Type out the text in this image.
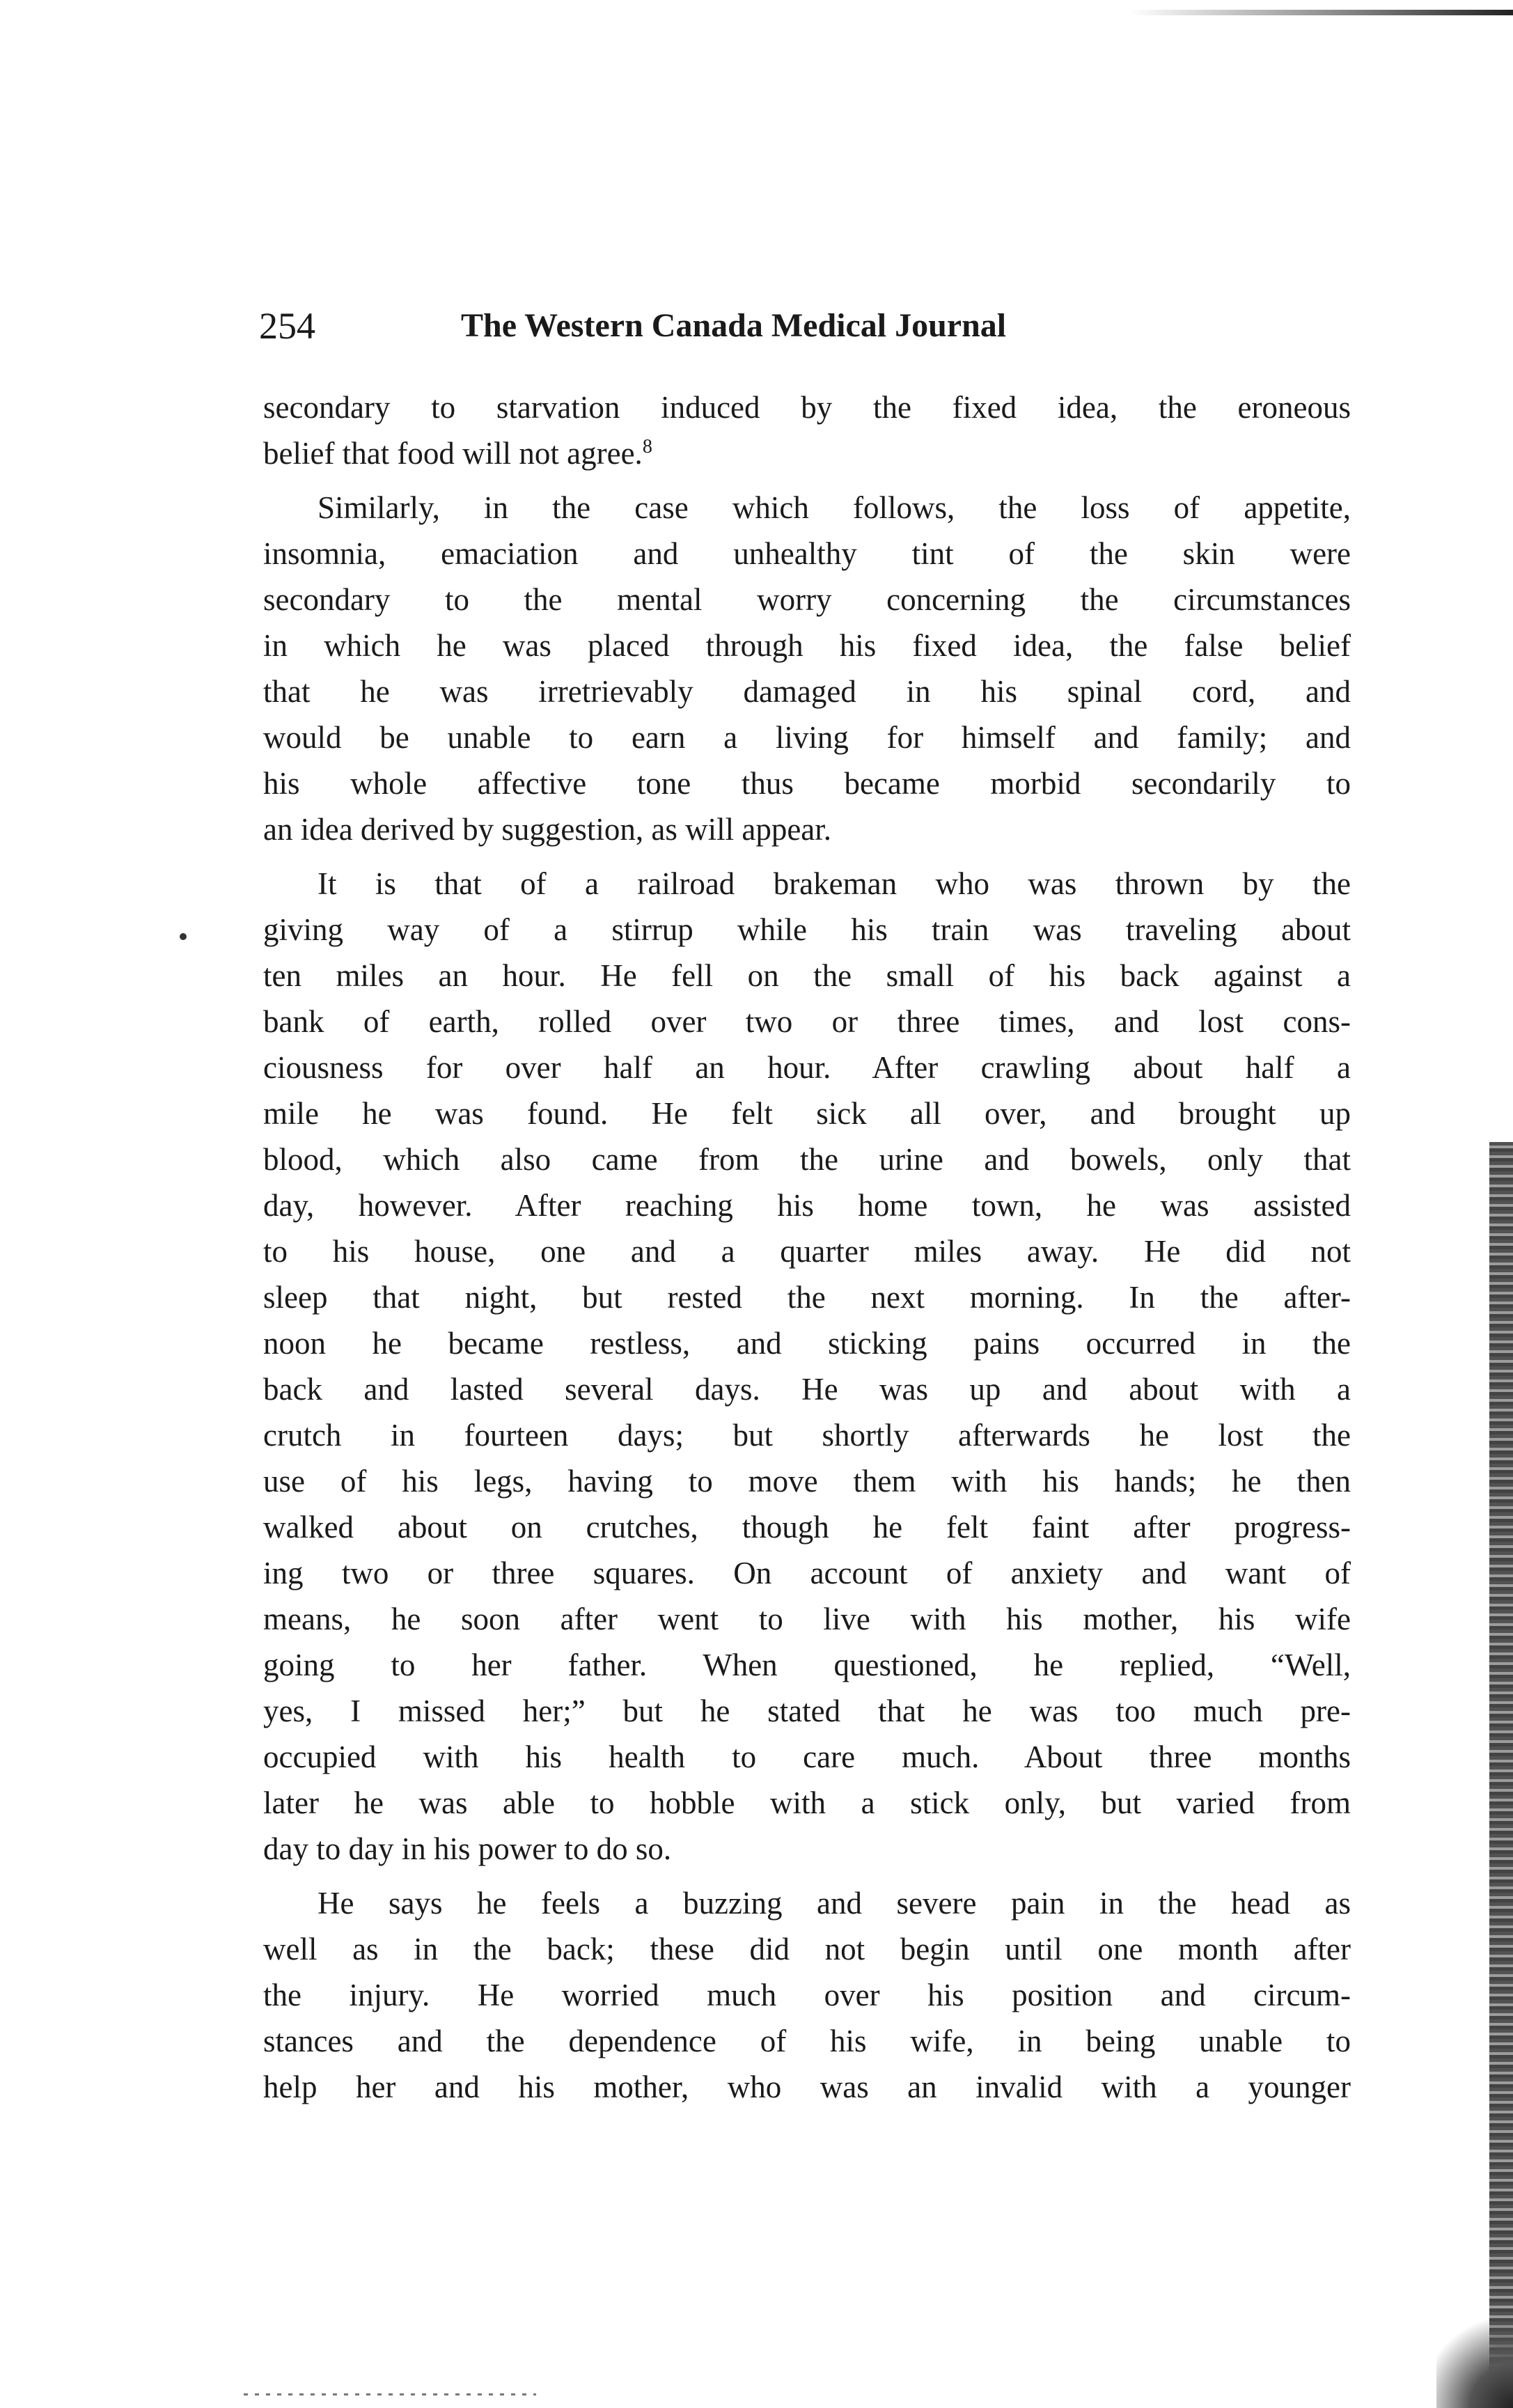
254	The Western Canada Medical Journal

secondary to starvation induced by the fixed idea, the eroneous
belief that food will not agree.$^8$

Similarly, in the case which follows, the loss of appetite,
insomnia, emaciation and unhealthy tint of the skin were
secondary to the mental worry concerning the circumstances
in which he was placed through his fixed idea, the false belief
that he was irretrievably damaged in his spinal cord, and
would be unable to earn a living for himself and family; and
his whole affective tone thus became morbid secondarily to
an idea derived by suggestion, as will appear.

It is that of a railroad brakeman who was thrown by the
giving way of a stirrup while his train was traveling about
ten miles an hour. He fell on the small of his back against a
bank of earth, rolled over two or three times, and lost cons-
ciousness for over half an hour. After crawling about half a
mile he was found. He felt sick all over, and brought up
blood, which also came from the urine and bowels, only that
day, however. After reaching his home town, he was assisted
to his house, one and a quarter miles away. He did not
sleep that night, but rested the next morning. In the after-
noon he became restless, and sticking pains occurred in the
back and lasted several days. He was up and about with a
crutch in fourteen days; but shortly afterwards he lost the
use of his legs, having to move them with his hands; he then
walked about on crutches, though he felt faint after progress-
ing two or three squares. On account of anxiety and want of
means, he soon after went to live with his mother, his wife
going to her father. When questioned, he replied, “Well,
yes, I missed her;” but he stated that he was too much pre-
occupied with his health to care much. About three months
later he was able to hobble with a stick only, but varied from
day to day in his power to do so.

He says he feels a buzzing and severe pain in the head as
well as in the back; these did not begin until one month after
the injury. He worried much over his position and circum-
stances and the dependence of his wife, in being unable to
help her and his mother, who was an invalid with a younger
